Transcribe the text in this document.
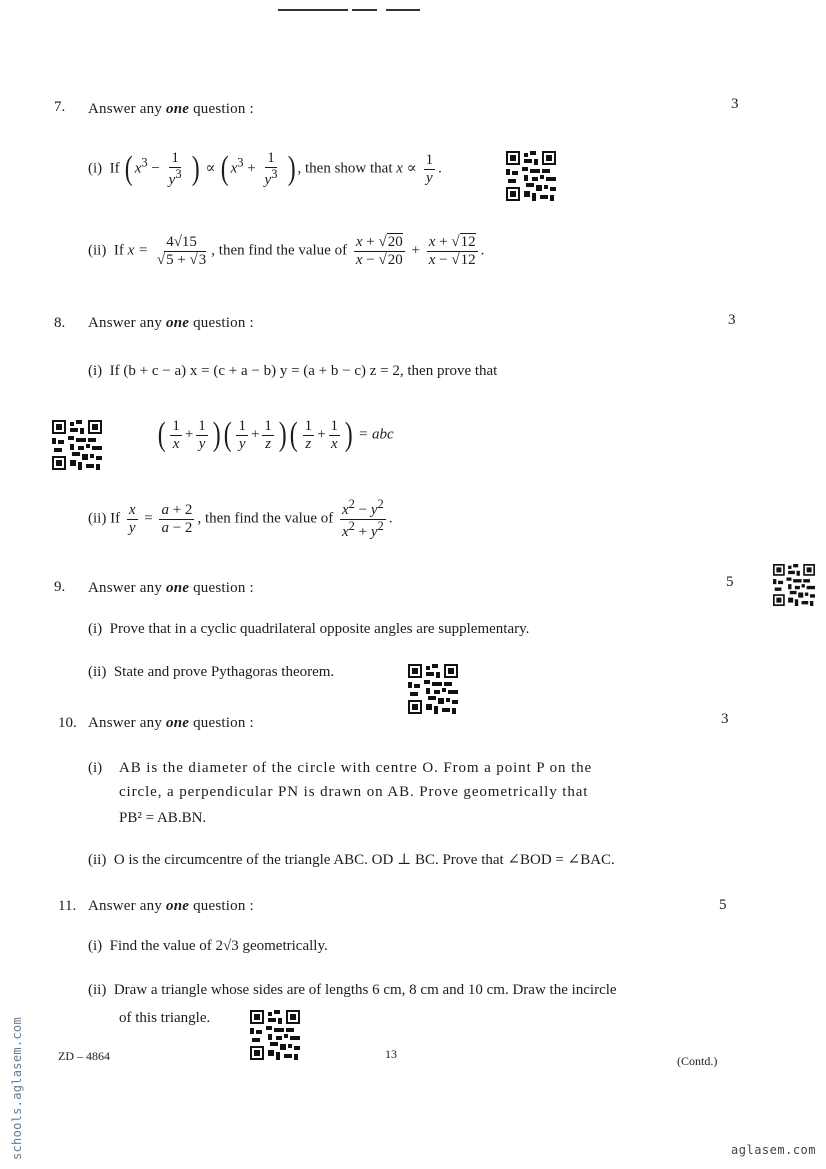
7. Answer any one question :	3
(i) If ( $x^3 - \frac{1}{y^3}$ ) ∝ ( $x^3 + \frac{1}{y^3}$ ) , then show that $x \propto \frac{1}{y}$ .
(ii) If $x = \frac{4√15}{√5 + √3}$ , then find the value of $\frac{x + √20}{x - √20} + \frac{x + √12}{x - √12}$ .
8. Answer any one question :	3
(i) If (b + c − a) x = (c + a − b) y = (a + b − c) z = 2, then prove that
( $\frac{1}{x} + \frac{1}{y}$ )( $\frac{1}{y} + \frac{1}{z}$ )( $\frac{1}{z} + \frac{1}{x}$ ) = abc
(ii) If $\frac{x}{y} = \frac{a + 2}{a - 2}$ , then find the value of $\frac{x^2 - y^2}{x^2 + y^2}$ .
9. Answer any one question :	5
(i) Prove that in a cyclic quadrilateral opposite angles are supplementary.
(ii) State and prove Pythagoras theorem.
10. Answer any one question :	3
(i) AB is the diameter of the circle with centre O. From a point P on the
circle, a perpendicular PN is drawn on AB. Prove geometrically that
PB² = AB.BN.
(ii) O is the circumcentre of the triangle ABC. OD ⊥ BC. Prove that ∠BOD = ∠BAC.
11. Answer any one question :	5
(i) Find the value of 2√3 geometrically.
(ii) Draw a triangle whose sides are of lengths 6 cm, 8 cm and 10 cm. Draw the incircle
of this triangle.
ZD – 4864	13	(Contd.)
schools.aglasem.com	aglasem.com
